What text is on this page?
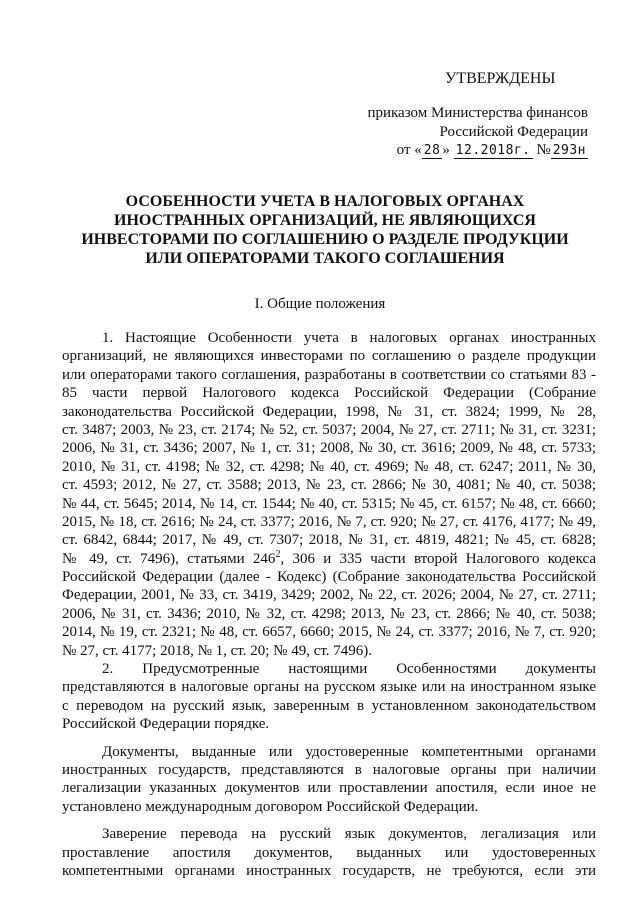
УТВЕРЖДЕНЫ
приказом Министерства финансов
Российской Федерации
от « 28 » 12.2018г. № 293н
ОСОБЕННОСТИ УЧЕТА В НАЛОГОВЫХ ОРГАНАХ
ИНОСТРАННЫХ ОРГАНИЗАЦИЙ, НЕ ЯВЛЯЮЩИХСЯ
ИНВЕСТОРАМИ ПО СОГЛАШЕНИЮ О РАЗДЕЛЕ ПРОДУКЦИИ
ИЛИ ОПЕРАТОРАМИ ТАКОГО СОГЛАШЕНИЯ
I. Общие положения
1. Настоящие Особенности учета в налоговых органах иностранных
организаций, не являющихся инвесторами по соглашению о разделе продукции
или операторами такого соглашения, разработаны в соответствии со статьями 83 -
85 части первой Налогового кодекса Российской Федерации (Собрание
законодательства Российской Федерации, 1998, № 31, ст. 3824; 1999, № 28,
ст. 3487; 2003, № 23, ст. 2174; № 52, ст. 5037; 2004, № 27, ст. 2711; № 31, ст. 3231;
2006, № 31, ст. 3436; 2007, № 1, ст. 31; 2008, № 30, ст. 3616; 2009, № 48, ст. 5733;
2010, № 31, ст. 4198; № 32, ст. 4298; № 40, ст. 4969; № 48, ст. 6247; 2011, № 30,
ст. 4593; 2012, № 27, ст. 3588; 2013, № 23, ст. 2866; № 30, 4081; № 40, ст. 5038;
№ 44, ст. 5645; 2014, № 14, ст. 1544; № 40, ст. 5315; № 45, ст. 6157; № 48, ст. 6660;
2015, № 18, ст. 2616; № 24, ст. 3377; 2016, № 7, ст. 920; № 27, ст. 4176, 4177; № 49,
ст. 6842, 6844; 2017, № 49, ст. 7307; 2018, № 31, ст. 4819, 4821; № 45, ст. 6828;
№ 49, ст. 7496), статьями $246^2$, 306 и 335 части второй Налогового кодекса
Российской Федерации (далее - Кодекс) (Собрание законодательства Российской
Федерации, 2001, № 33, ст. 3419, 3429; 2002, № 22, ст. 2026; 2004, № 27, ст. 2711;
2006, № 31, ст. 3436; 2010, № 32, ст. 4298; 2013, № 23, ст. 2866; № 40, ст. 5038;
2014, № 19, ст. 2321; № 48, ст. 6657, 6660; 2015, № 24, ст. 3377; 2016, № 7, ст. 920;
№ 27, ст. 4177; 2018, № 1, ст. 20; № 49, ст. 7496).
2. Предусмотренные настоящими Особенностями документы
представляются в налоговые органы на русском языке или на иностранном языке
с переводом на русский язык, заверенным в установленном законодательством
Российской Федерации порядке.
Документы, выданные или удостоверенные компетентными органами
иностранных государств, представляются в налоговые органы при наличии
легализации указанных документов или проставлении апостиля, если иное не
установлено международным договором Российской Федерации.
Заверение перевода на русский язык документов, легализация или
проставление апостиля документов, выданных или удостоверенных
компетентными органами иностранных государств, не требуются, если эти
